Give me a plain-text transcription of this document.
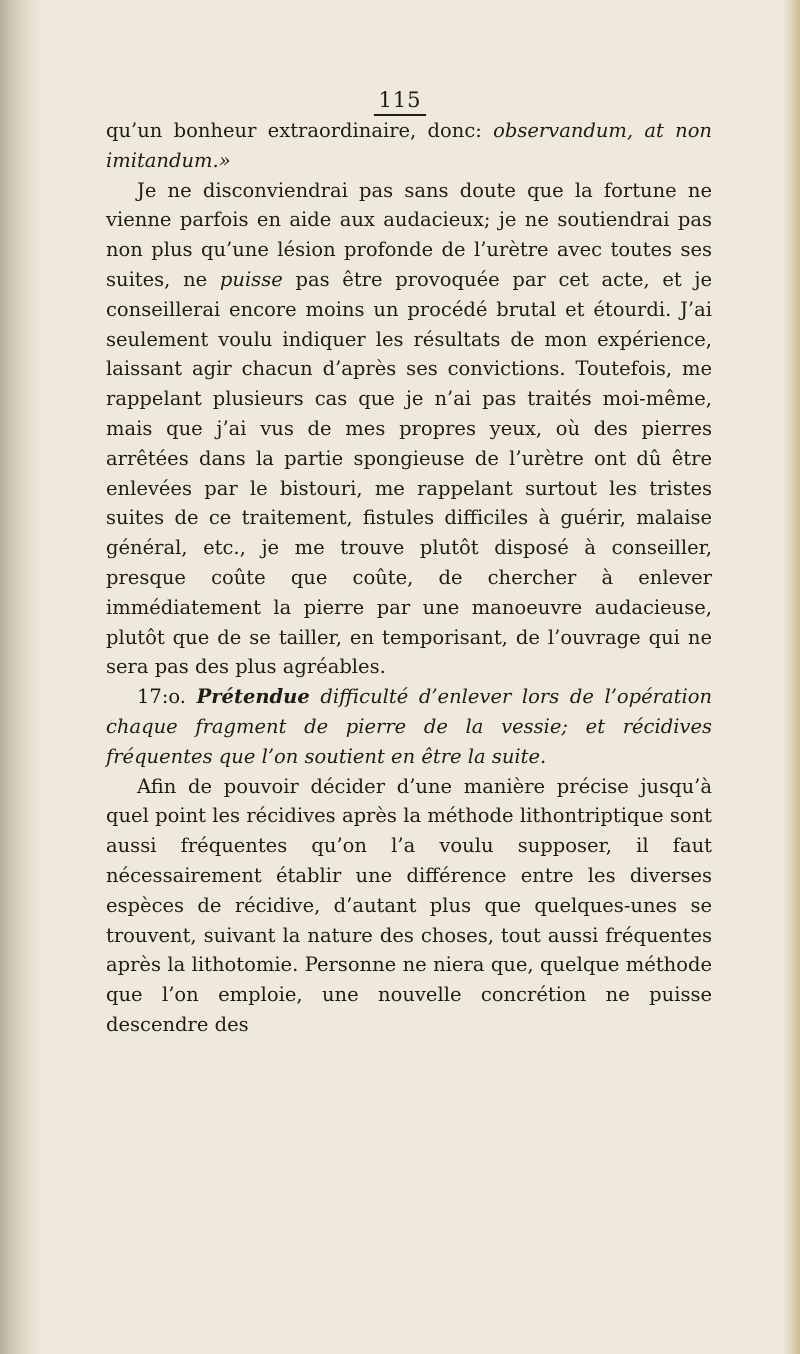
115

qu’un bonheur extraordinaire, donc: observandum, at non imitandum.»

Je ne disconviendrai pas sans doute que la fortune ne vienne parfois en aide aux audacieux; je ne soutiendrai pas non plus qu’une lésion profonde de l’urètre avec toutes ses suites, ne puisse pas être provoquée par cet acte, et je conseillerai encore moins un procédé brutal et étourdi. J’ai seulement voulu indiquer les résultats de mon expérience, laissant agir chacun d’après ses convictions. Toutefois, me rappelant plusieurs cas que je n’ai pas traités moi-même, mais que j’ai vus de mes propres yeux, où des pierres arrêtées dans la partie spongieuse de l’urètre ont dû être enlevées par le bistouri, me rappelant surtout les tristes suites de ce traitement, fistules difficiles à guérir, malaise général, etc., je me trouve plutôt disposé à conseiller, presque coûte que coûte, de chercher à enlever immédiatement la pierre par une manoeuvre audacieuse, plutôt que de se tailler, en temporisant, de l’ouvrage qui ne sera pas des plus agréables.

17:o. Prétendue difficulté d’enlever lors de l’opération chaque fragment de pierre de la vessie; et récidives fréquentes que l’on soutient en être la suite.

Afin de pouvoir décider d’une manière précise jusqu’à quel point les récidives après la méthode lithontriptique sont aussi fréquentes qu’on l’a voulu supposer, il faut nécessairement établir une différence entre les diverses espèces de récidive, d’autant plus que quelques-unes se trouvent, suivant la nature des choses, tout aussi fréquentes après la lithotomie. Personne ne niera que, quelque méthode que l’on emploie, une nouvelle concrétion ne puisse descendre des
